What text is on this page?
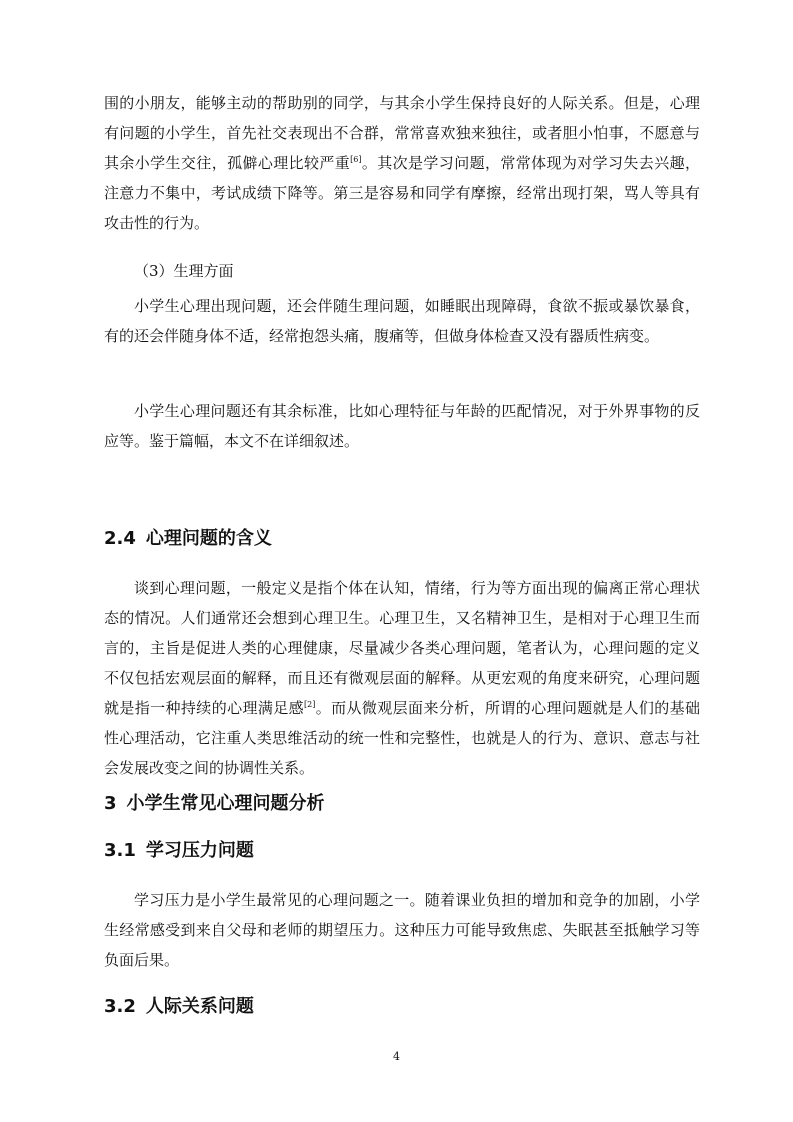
围的小朋友，能够主动的帮助别的同学，与其余小学生保持良好的人际关系。但是，心理有问题的小学生，首先社交表现出不合群，常常喜欢独来独往，或者胆小怕事，不愿意与其余小学生交往，孤僻心理比较严重[6]。其次是学习问题，常常体现为对学习失去兴趣，注意力不集中，考试成绩下降等。第三是容易和同学有摩擦，经常出现打架，骂人等具有攻击性的行为。

（3）生理方面

小学生心理出现问题，还会伴随生理问题，如睡眠出现障碍，食欲不振或暴饮暴食，有的还会伴随身体不适，经常抱怨头痛，腹痛等，但做身体检查又没有器质性病变。

小学生心理问题还有其余标准，比如心理特征与年龄的匹配情况，对于外界事物的反应等。鉴于篇幅，本文不在详细叙述。

2.4 心理问题的含义
谈到心理问题，一般定义是指个体在认知，情绪，行为等方面出现的偏离正常心理状态的情况。人们通常还会想到心理卫生。心理卫生，又名精神卫生，是相对于心理卫生而言的，主旨是促进人类的心理健康，尽量减少各类心理问题，笔者认为，心理问题的定义不仅包括宏观层面的解释，而且还有微观层面的解释。从更宏观的角度来研究，心理问题就是指一种持续的心理满足感[2]。而从微观层面来分析，所谓的心理问题就是人们的基础性心理活动，它注重人类思维活动的统一性和完整性，也就是人的行为、意识、意志与社会发展改变之间的协调性关系。
3 小学生常见心理问题分析
3.1 学习压力问题

学习压力是小学生最常见的心理问题之一。随着课业负担的增加和竞争的加剧，小学生经常感受到来自父母和老师的期望压力。这种压力可能导致焦虑、失眠甚至抵触学习等负面后果。

3.2 人际关系问题
4
